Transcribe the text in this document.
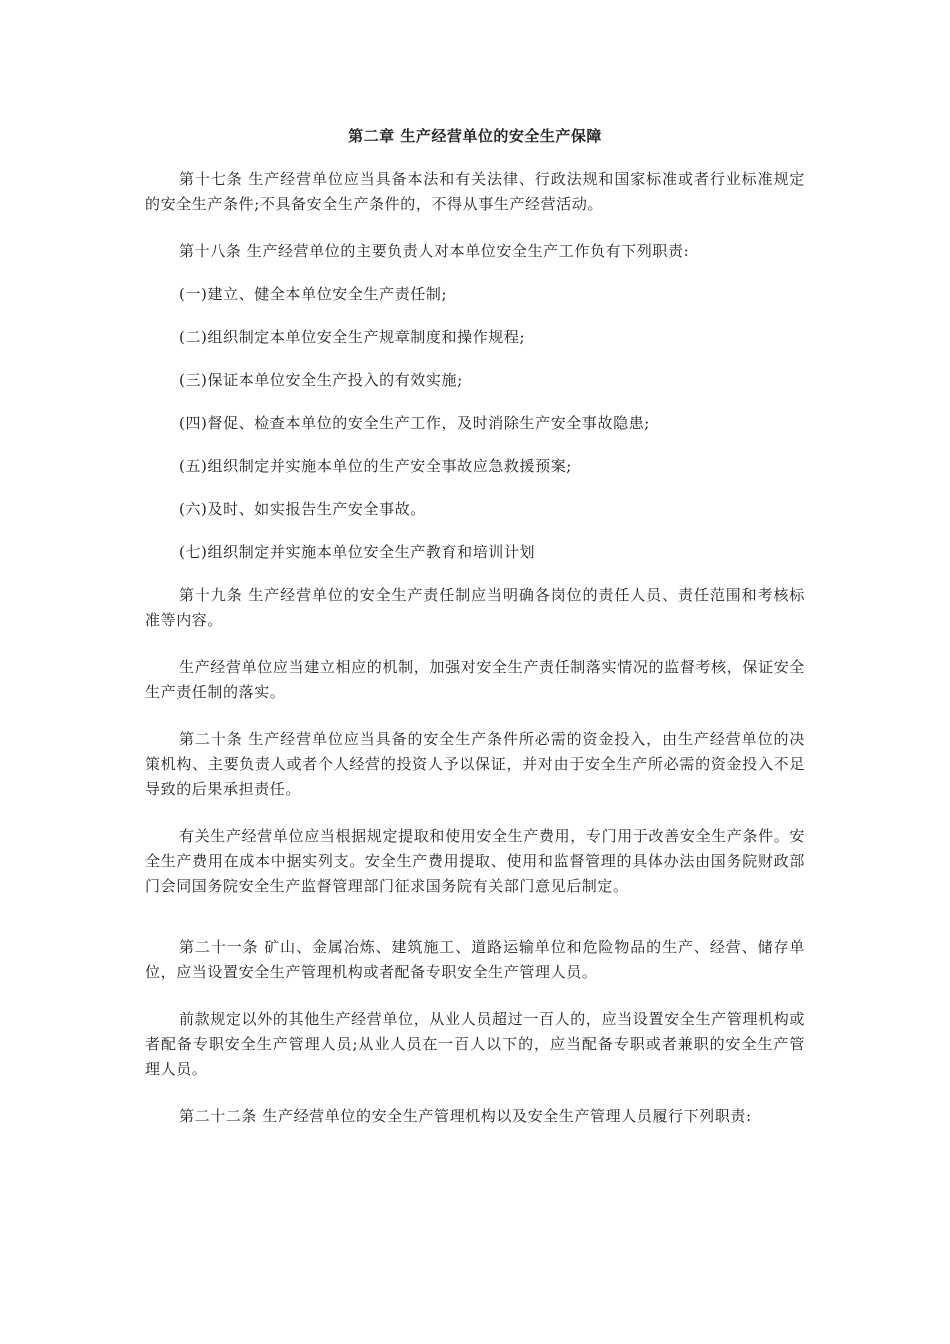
第二章 生产经营单位的安全生产保障

第十七条 生产经营单位应当具备本法和有关法律、行政法规和国家标准或者行业标准规定的安全生产条件;不具备安全生产条件的，不得从事生产经营活动。

第十八条 生产经营单位的主要负责人对本单位安全生产工作负有下列职责:

(一)建立、健全本单位安全生产责任制;

(二)组织制定本单位安全生产规章制度和操作规程;

(三)保证本单位安全生产投入的有效实施;

(四)督促、检查本单位的安全生产工作，及时消除生产安全事故隐患;

(五)组织制定并实施本单位的生产安全事故应急救援预案;

(六)及时、如实报告生产安全事故。

(七)组织制定并实施本单位安全生产教育和培训计划

第十九条 生产经营单位的安全生产责任制应当明确各岗位的责任人员、责任范围和考核标准等内容。

生产经营单位应当建立相应的机制，加强对安全生产责任制落实情况的监督考核，保证安全生产责任制的落实。

第二十条 生产经营单位应当具备的安全生产条件所必需的资金投入，由生产经营单位的决策机构、主要负责人或者个人经营的投资人予以保证，并对由于安全生产所必需的资金投入不足导致的后果承担责任。

有关生产经营单位应当根据规定提取和使用安全生产费用，专门用于改善安全生产条件。安全生产费用在成本中据实列支。安全生产费用提取、使用和监督管理的具体办法由国务院财政部门会同国务院安全生产监督管理部门征求国务院有关部门意见后制定。

第二十一条 矿山、金属冶炼、建筑施工、道路运输单位和危险物品的生产、经营、储存单位，应当设置安全生产管理机构或者配备专职安全生产管理人员。

前款规定以外的其他生产经营单位，从业人员超过一百人的，应当设置安全生产管理机构或者配备专职安全生产管理人员;从业人员在一百人以下的，应当配备专职或者兼职的安全生产管理人员。

第二十二条 生产经营单位的安全生产管理机构以及安全生产管理人员履行下列职责:
